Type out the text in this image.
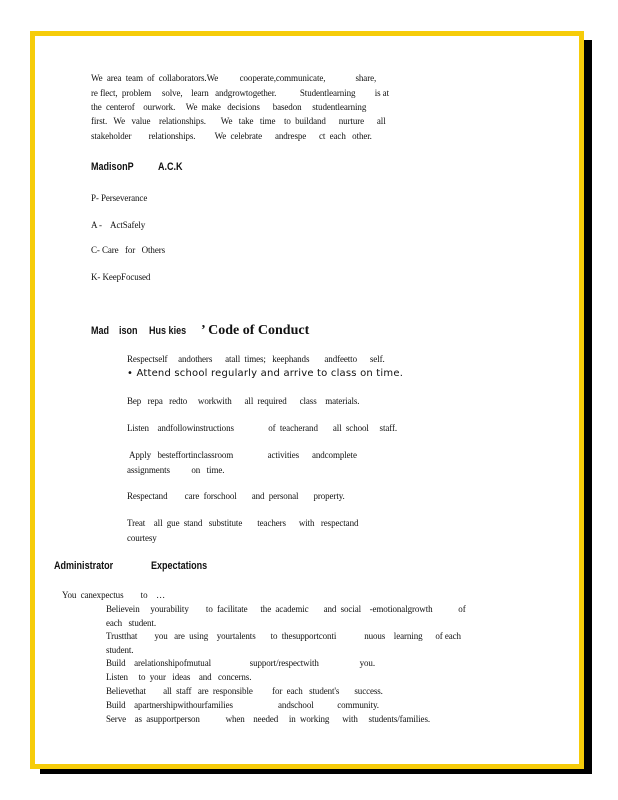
We  area  team  of  collaborators.We          cooperate,communicate,              share,
re flect,  problem     solve,    learn   andgrowtogether.           Studentlearning         is at
the  centerof    ourwork.     We  make   decisions      basedon     studentlearning
first.   We   value    relationships.       We   take   time    to  buildand      nurture      all
stakeholder        relationships.         We  celebrate      andrespe      ct  each   other.
MadisonP A.C.K
P- Perseverance
A -    ActSafely
C- Care   for   Others
K- KeepFocused
Mad ison Hus kies ’ Code of Conduct
Respectself     andothers      atall  times;   keephands       andfeetto      self.
• Attend school regularly and arrive to class on time.
Bep   repa   redto     workwith      all  required      class    materials.
Listen    andfollowinstructions                of  teacherand       all  school     staff.
Apply   besteffortinclassroom                activities      andcomplete
assignments          on   time.
Respectand        care  forschool       and  personal       property.
Treat    all  gue  stand   substitute       teachers      with   respectand
courtesy
Administrator	Expectations
You  canexpectus        to    …
Believein     yourability        to  facilitate      the  academic       and  social    -emotionalgrowth            of
each   student.
Trustthat        you   are  using    yourtalents       to  thesupportconti             nuous    learning      of each
student.
Build    arelationshipofmutual                  support/respectwith                   you.
Listen     to  your   ideas    and   concerns.
Believethat        all  staff   are  responsible         for  each   student's       success.
Build    apartnershipwithourfamilies                     andschool           community.
Serve    as  asupportperson            when    needed     in  working      with     students/families.
